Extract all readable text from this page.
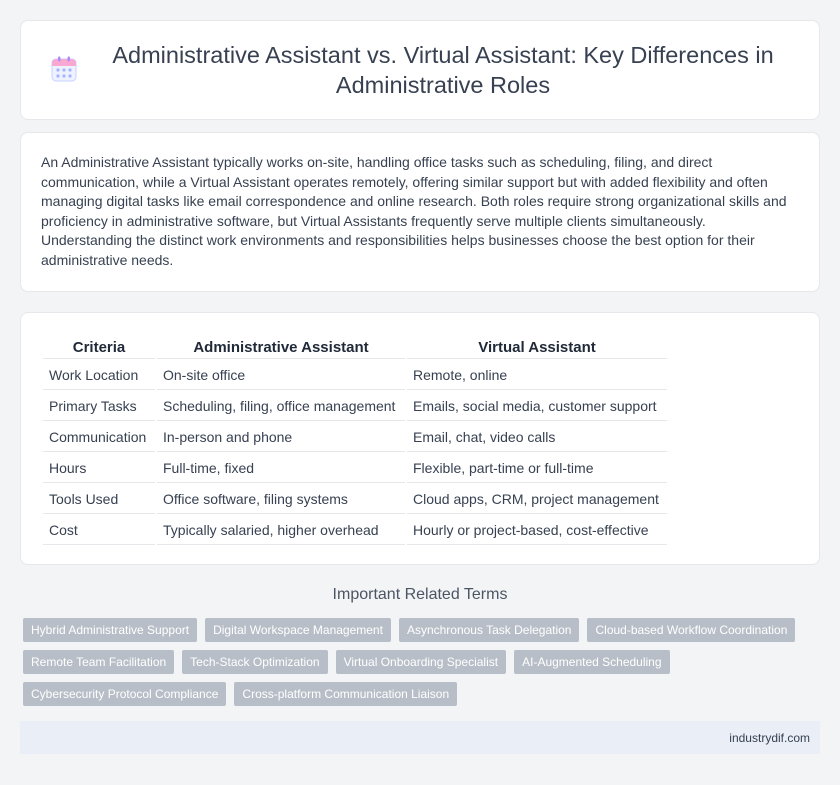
Administrative Assistant vs. Virtual Assistant: Key Differences in Administrative Roles

An Administrative Assistant typically works on-site, handling office tasks such as scheduling, filing, and direct communication, while a Virtual Assistant operates remotely, offering similar support but with added flexibility and often managing digital tasks like email correspondence and online research. Both roles require strong organizational skills and proficiency in administrative software, but Virtual Assistants frequently serve multiple clients simultaneously. Understanding the distinct work environments and responsibilities helps businesses choose the best option for their administrative needs.

Criteria	Administrative Assistant	Virtual Assistant
Work Location	On-site office	Remote, online
Primary Tasks	Scheduling, filing, office management	Emails, social media, customer support
Communication	In-person and phone	Email, chat, video calls
Hours	Full-time, fixed	Flexible, part-time or full-time
Tools Used	Office software, filing systems	Cloud apps, CRM, project management
Cost	Typically salaried, higher overhead	Hourly or project-based, cost-effective
Important Related Terms
Hybrid Administrative Support	Digital Workspace Management	Asynchronous Task Delegation	Cloud-based Workflow Coordination
Remote Team Facilitation	Tech-Stack Optimization	Virtual Onboarding Specialist	AI-Augmented Scheduling
Cybersecurity Protocol Compliance	Cross-platform Communication Liaison
industrydif.com
